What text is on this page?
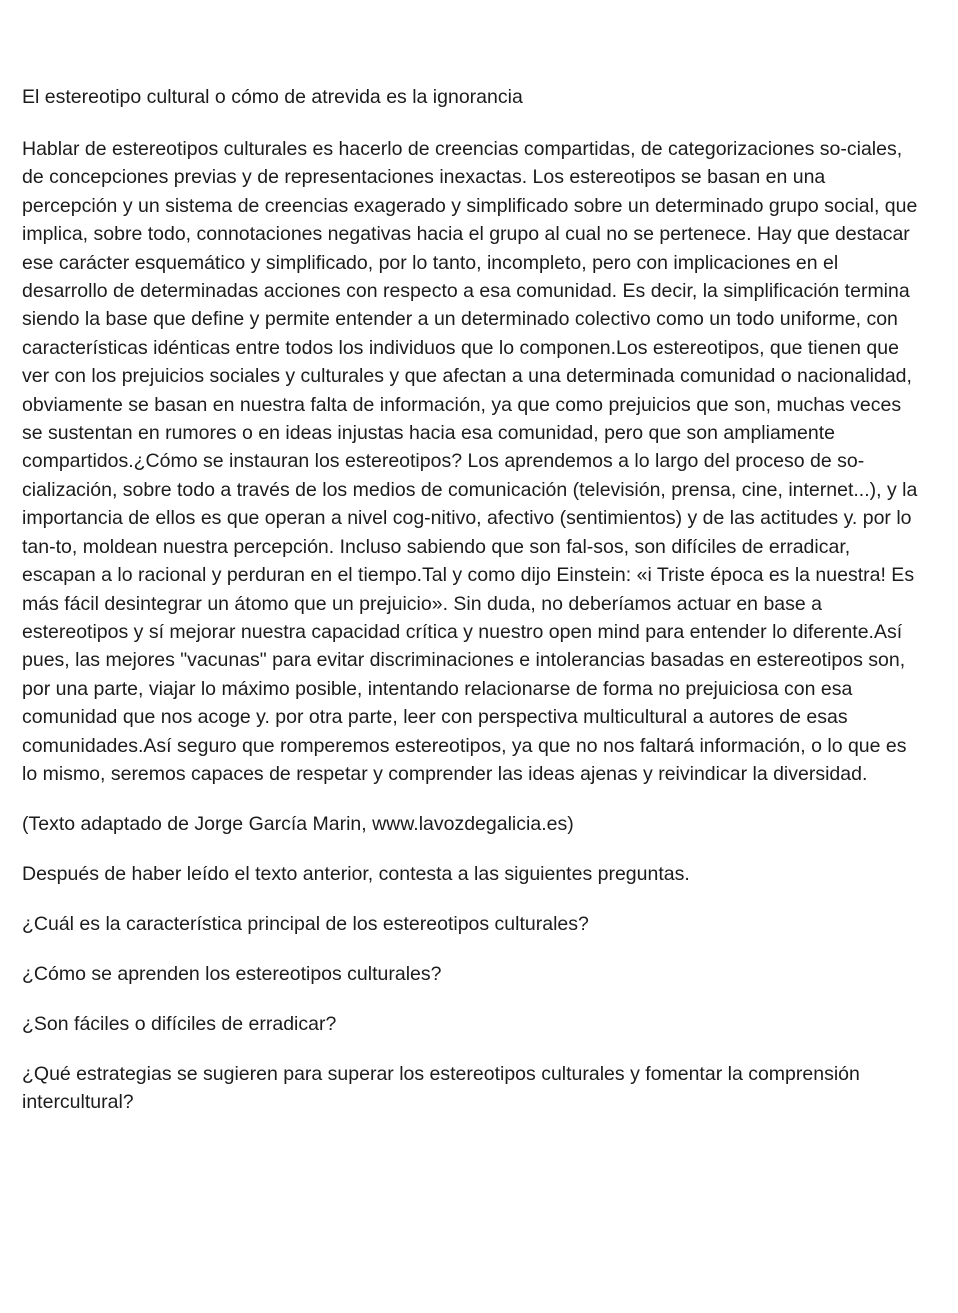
El estereotipo cultural o cómo de atrevida es la ignorancia

Hablar de estereotipos culturales es hacerlo de creencias compartidas, de categorizaciones so-ciales, de concepciones previas y de representaciones inexactas. Los estereotipos se basan en una percepción y un sistema de creencias exagerado y simplificado sobre un determinado grupo social, que implica, sobre todo, connotaciones negativas hacia el grupo al cual no se pertenece. Hay que destacar ese carácter esquemático y simplificado, por lo tanto, incompleto, pero con implicaciones en el desarrollo de determinadas acciones con respecto a esa comunidad. Es decir, la simplificación termina siendo la base que define y permite entender a un determinado colectivo como un todo uniforme, con características idénticas entre todos los individuos que lo componen.Los estereotipos, que tienen que ver con los prejuicios sociales y culturales y que afectan a una determinada comunidad o nacionalidad, obviamente se basan en nuestra falta de información, ya que como prejuicios que son, muchas veces se sustentan en rumores o en ideas injustas hacia esa comunidad, pero que son ampliamente compartidos.¿Cómo se instauran los estereotipos? Los aprendemos a lo largo del proceso de so-cialización, sobre todo a través de los medios de comunicación (televisión, prensa, cine, internet...), y la importancia de ellos es que operan a nivel cog-nitivo, afectivo (sentimientos) y de las actitudes y. por lo tan-to, moldean nuestra percepción. Incluso sabiendo que son fal-sos, son difíciles de erradicar, escapan a lo racional y perduran en el tiempo.Tal y como dijo Einstein: «i Triste época es la nuestra! Es más fácil desintegrar un átomo que un prejuicio». Sin duda, no deberíamos actuar en base a estereotipos y sí mejorar nuestra capacidad crítica y nuestro open mind para entender lo diferente.Así pues, las mejores "vacunas" para evitar discriminaciones e intolerancias basadas en estereotipos son, por una parte, viajar lo máximo posible, intentando relacionarse de forma no prejuiciosa con esa comunidad que nos acoge y. por otra parte, leer con perspectiva multicultural a autores de esas comunidades.Así seguro que romperemos estereotipos, ya que no nos faltará información, o lo que es lo mismo, seremos capaces de respetar y comprender las ideas ajenas y reivindicar la diversidad.

(Texto adaptado de Jorge García Marin, www.lavozdegalicia.es)

Después de haber leído el texto anterior, contesta a las siguientes preguntas.

¿Cuál es la característica principal de los estereotipos culturales?

¿Cómo se aprenden los estereotipos culturales?

¿Son fáciles o difíciles de erradicar?

¿Qué estrategias se sugieren para superar los estereotipos culturales y fomentar la comprensión intercultural?
